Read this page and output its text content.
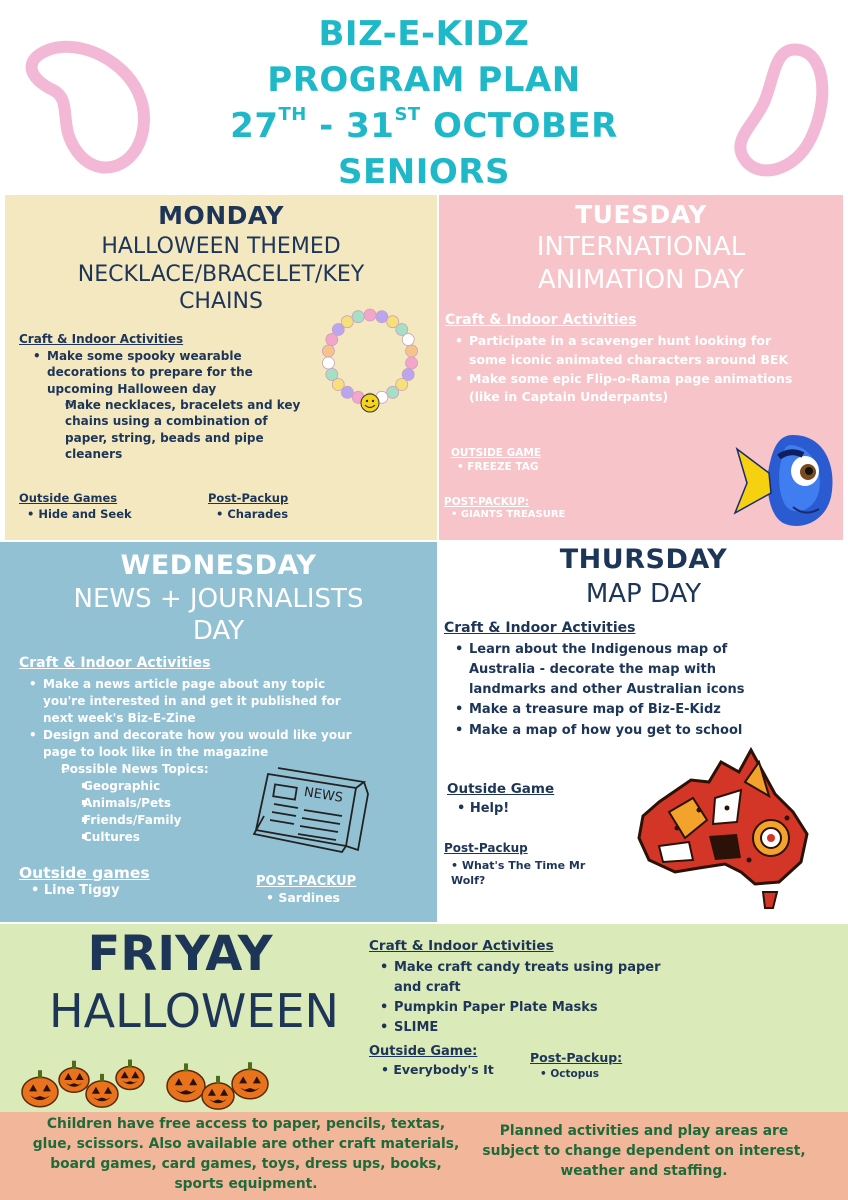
BIZ-E-KIDZ
PROGRAM PLAN
27TH - 31ST OCTOBER
SENIORS
MONDAY
HALLOWEEN THEMED
NECKLACE/BRACELET/KEY
CHAINS
Craft & Indoor Activities
• Make some spooky wearable decorations to prepare for the upcoming Halloween day
○ Make necklaces, bracelets and key chains using a combination of paper, string, beads and pipe cleaners
Outside Games
• Hide and Seek
Post-Packup
• Charades
TUESDAY
INTERNATIONAL
ANIMATION DAY
Craft & Indoor Activities
• Participate in a scavenger hunt looking for some iconic animated characters around BEK
• Make some epic Flip-o-Rama page animations (like in Captain Underpants)
OUTSIDE GAME
• FREEZE TAG
POST-PACKUP:
• GIANTS TREASURE
WEDNESDAY
NEWS + JOURNALISTS
DAY
Craft & Indoor Activities
• Make a news article page about any topic you're interested in and get it published for next week's Biz-E-Zine
• Design and decorate how you would like your page to look like in the magazine
○ Possible News Topics:
▪ Geographic
▪ Animals/Pets
▪ Friends/Family
▪ Cultures
NEWS
Outside games
• Line Tiggy
POST-PACKUP
• Sardines
THURSDAY
MAP DAY
Craft & Indoor Activities
• Learn about the Indigenous map of Australia - decorate the map with landmarks and other Australian icons
• Make a treasure map of Biz-E-Kidz
• Make a map of how you get to school
Outside Game
• Help!
Post-Packup
• What's The Time Mr Wolf?
FRIYAY
HALLOWEEN
Craft & Indoor Activities
• Make craft candy treats using paper and craft
• Pumpkin Paper Plate Masks
• SLIME
Outside Game:
• Everybody's It
Post-Packup:
• Octopus
Children have free access to paper, pencils, textas, glue, scissors. Also available are other craft materials, board games, card games, toys, dress ups, books, sports equipment.
Planned activities and play areas are subject to change dependent on interest, weather and staffing.
